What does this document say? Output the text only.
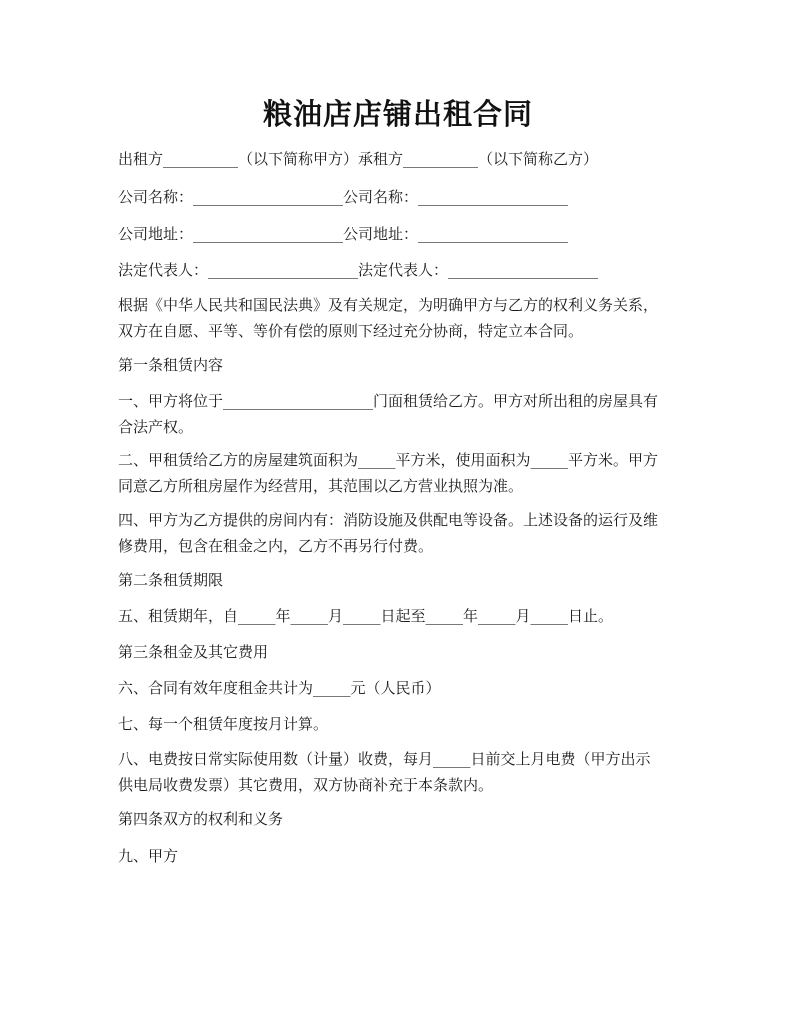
粮油店店铺出租合同
出租方__________（以下简称甲方）承租方__________（以下简称乙方）
公司名称：____________________公司名称：____________________
公司地址：____________________公司地址：____________________
法定代表人：____________________法定代表人：____________________
根据《中华人民共和国民法典》及有关规定，为明确甲方与乙方的权利义务关系，
双方在自愿、平等、等价有偿的原则下经过充分协商，特定立本合同。
第一条租赁内容
一、甲方将位于____________________门面租赁给乙方。甲方对所出租的房屋具有
合法产权。
二、甲租赁给乙方的房屋建筑面积为_____平方米，使用面积为_____平方米。甲方
同意乙方所租房屋作为经营用，其范围以乙方营业执照为准。
四、甲方为乙方提供的房间内有：消防设施及供配电等设备。上述设备的运行及维
修费用，包含在租金之内，乙方不再另行付费。
第二条租赁期限
五、租赁期年，自_____年_____月_____日起至_____年_____月_____日止。
第三条租金及其它费用
六、合同有效年度租金共计为_____元（人民币）
七、每一个租赁年度按月计算。
八、电费按日常实际使用数（计量）收费，每月_____日前交上月电费（甲方出示
供电局收费发票）其它费用，双方协商补充于本条款内。
第四条双方的权利和义务
九、甲方
